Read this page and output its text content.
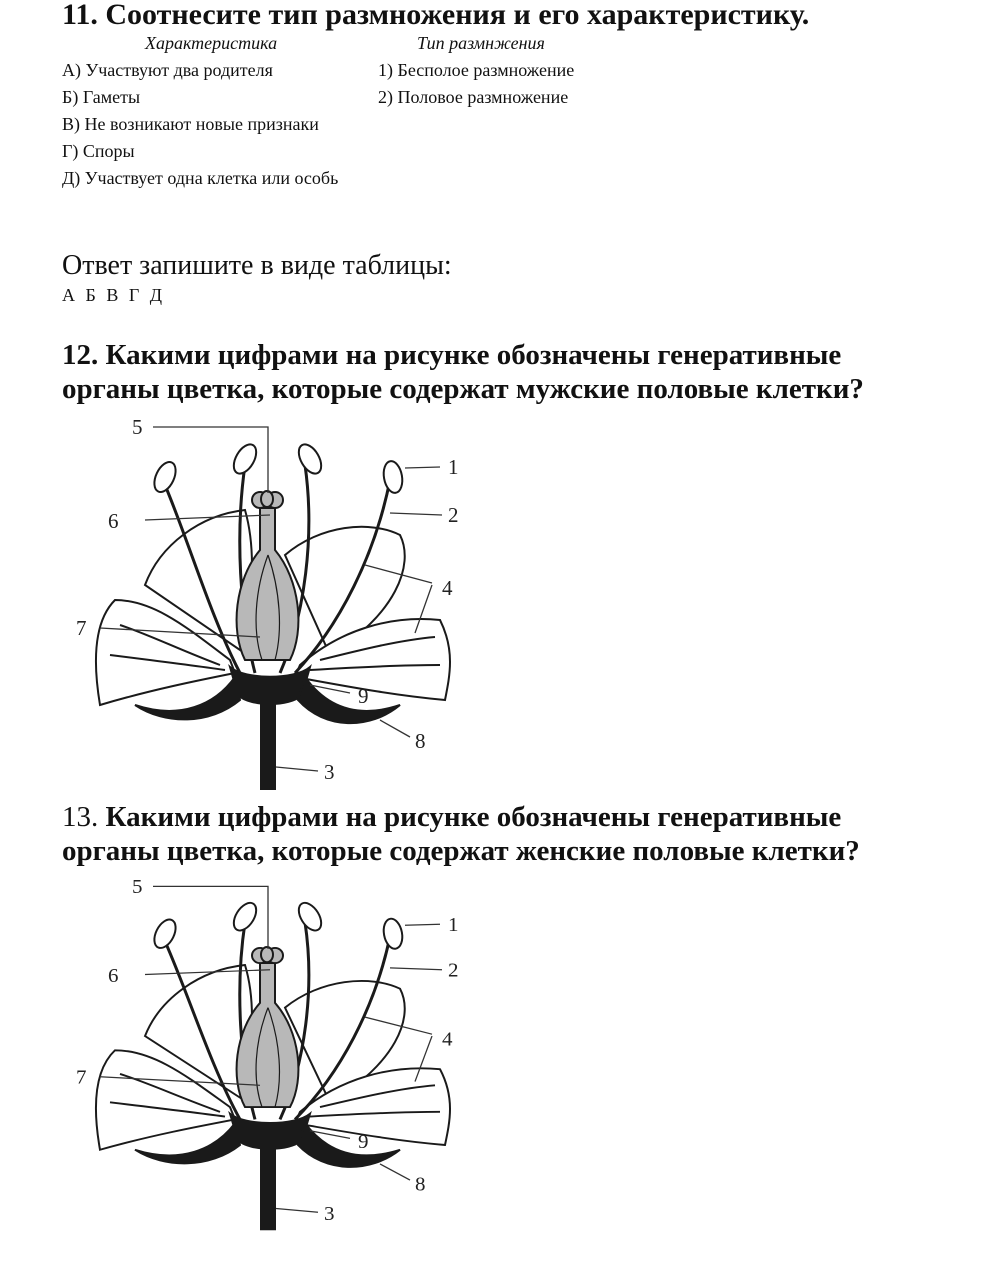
11. Соотнесите тип размножения и его характеристику.
Характеристика	Тип размнжения
А) Участвуют два родителя
Б) Гаметы
В) Не возникают новые признаки
Г) Споры
Д) Участвует одна клетка или особь
1) Бесполое размножение
2) Половое размножение
Ответ запишите в виде таблицы:
А Б В Г Д
12. Какими цифрами на рисунке обозначены генеративные
органы цветка, которые содержат мужские половые клетки?
1
2
3
4
5
6
7
8
9
13. Какими цифрами на рисунке обозначены генеративные
органы цветка, которые содержат женские половые клетки?
1
2
3
4
5
6
7
8
9
